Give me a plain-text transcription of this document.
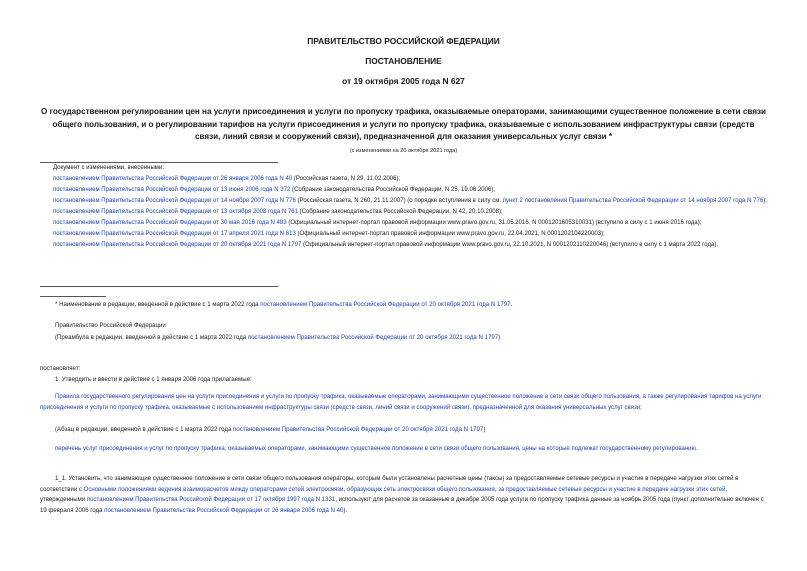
ПРАВИТЕЛЬСТВО РОССИЙСКОЙ ФЕДЕРАЦИИ
ПОСТАНОВЛЕНИЕ
от 19 октября 2005 года N 627
О государственном регулировании цен на услуги присоединения и услуги по пропуску трафика, оказываемые операторами, занимающими существенное положение в сети связи общего пользования, и о регулировании тарифов на услуги присоединения и услуги по пропуску трафика, оказываемые с использованием инфраструктуры связи (средств связи, линий связи и сооружений связи), предназначенной для оказания универсальных услуг связи *
(с изменениями на 20 октября 2021 года)

Документ с изменениями, внесенными:

постановлением Правительства Российской Федерации от 26 января 2006 года N 40 (Российская газета, N 29, 11.02.2006);

постановлением Правительства Российской Федерации от 13 июня 2006 года N 372 (Собрание законодательства Российской Федерации, N 25, 19.06.2006);

постановлением Правительства Российской Федерации от 14 ноября 2007 года N 776 (Российская газета, N 260, 21.11.2007) (о порядке вступления в силу см. пункт 2 постановления Правительства Российской Федерации от 14 ноября 2007 года N 776);

постановлением Правительства Российской Федерации от 13 октября 2008 года N 761 (Собрание законодательства Российской Федерации, N 42, 20.10.2008);

постановлением Правительства Российской Федерации от 30 мая 2016 года N 483 (Официальный интернет-портал правовой информации www.pravo.gov.ru, 31.05.2016, N 0001201605310031) (вступило в силу с 1 июня 2016 года);

постановлением Правительства Российской Федерации от 17 апреля 2021 года N 613 (Официальный интернет-портал правовой информации www.pravo.gov.ru, 22.04.2021, N 0001202104220003);

постановлением Правительства Российской Федерации от 20 октября 2021 года N 1797 (Официальный интернет-портал правовой информации www.pravo.gov.ru, 22.10.2021, N 0001202110220046) (вступило в силу с 1 марта 2022 года).

* Наименование в редакции, введенной в действие с 1 марта 2022 года постановлением Правительства Российской Федерации от 20 октября 2021 года N 1797.
Правительство Российской Федерации
(Преамбула в редакции, введенной в действие с 1 марта 2022 года постановлением Правительства Российской Федерации от 20 октября 2021 года N 1797)
постановляет:
1. Утвердить и ввести в действие с 1 января 2006 года прилагаемые:
Правила государственного регулирования цен на услуги присоединения и услуги по пропуску трафика, оказываемые операторами, занимающими существенное положение в сети связи общего пользования, а также регулирования тарифов на услуги присоединения и услуги по пропуску трафика, оказываемые с использованием инфраструктуры связи (средств связи, линий связи и сооружений связи), предназначенной для оказания универсальных услуг связи;
(Абзац в редакции, введенной в действие с 1 марта 2022 года постановлением Правительства Российской Федерации от 20 октября 2021 года N 1797)
перечень услуг присоединения и услуг по пропуску трафика, оказываемых операторами, занимающими существенное положение в сети связи общего пользования, цены на которые подлежат государственному регулированию.
1_1. Установить, что занимающие существенное положение в сети связи общего пользования операторы, которым были установлены расчетные цены (таксы) за предоставляемые сетевые ресурсы и участие в передаче нагрузки этих сетей в соответствии с Основными положениями ведения взаиморасчетов между операторами сетей электросвязи, образующих сеть электросвязи общего пользования, за предоставляемые сетевые ресурсы и участие в передаче нагрузки этих сетей, утвержденными постановлением Правительства Российской Федерации от 17 октября 1997 года N 1331, используют для расчетов за оказанные в декабре 2005 года услуги по пропуску трафика данные за ноябрь 2005 года (пункт дополнительно включен с 19 февраля 2006 года постановлением Правительства Российской Федерации от 26 января 2006 года N 40).
